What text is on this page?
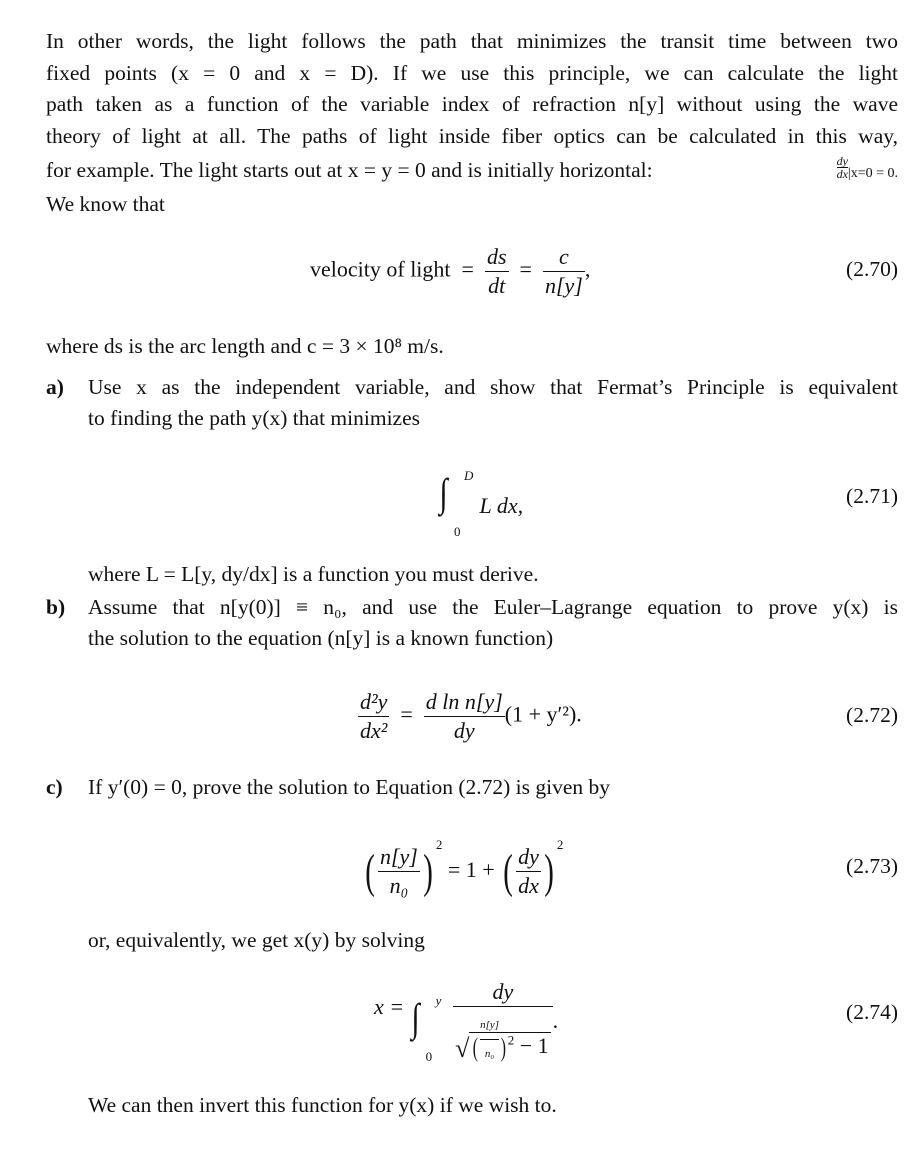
In other words, the light follows the path that minimizes the transit time between two
fixed points (x = 0 and x = D). If we use this principle, we can calculate the light
path taken as a function of the variable index of refraction n[y] without using the wave
theory of light at all. The paths of light inside fiber optics can be calculated in this way,
for example. The light starts out at x = y = 0 and is initially horizontal:	$\frac{dy}{dx} |x=0 = 0$.
We know that
velocity of light  = $\frac{ds}{dt} = \frac{c}{n[y]}$ ,	(2.70)
where ds is the arc length and c = 3 × 10⁸ m/s.
a) Use x as the independent variable, and show that Fermat’s Principle is equivalent
to finding the path y(x) that minimizes
∫ D
0
L dx,	(2.71)
where L = L[y, dy/dx] is a function you must derive.
b) Assume that n[y(0)] ≡ n₀, and use the Euler–Lagrange equation to prove y(x) is
the solution to the equation (n[y] is a known function)
$\frac{\text{d²y}}{\text{dx²}} = \frac{\text{d ln n[y]}}{dy} (1 + y'^2)$.	(2.72)
c) If y′(0) = 0, prove the solution to Equation (2.72) is given by
( $\frac{n[y]}{\text{n₀}} )^2 = 1$ + ( $\frac{dy}{dx} )^2$
(2.73)
or, equivalently, we get x(y) by solving
x = ∫ y
0
$\frac{dy}{√ ( \frac{n[y]}{\text{n₀}} ) ^2 - 1}$ .	(2.74)
We can then invert this function for y(x) if we wish to.
